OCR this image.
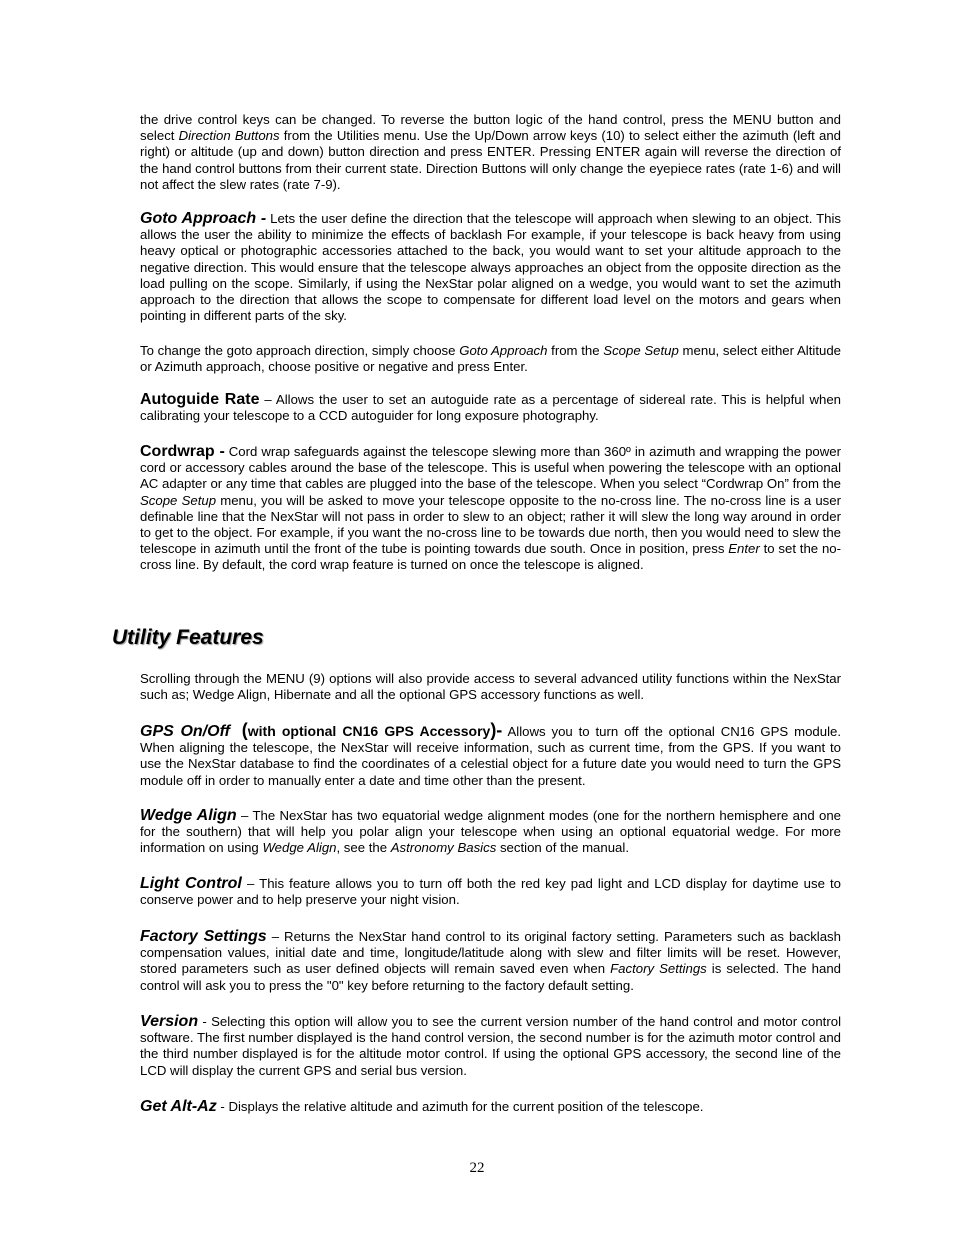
the drive control keys can be changed. To reverse the button logic of the hand control, press the MENU button and select Direction Buttons from the Utilities menu. Use the Up/Down arrow keys (10) to select either the azimuth (left and right) or altitude (up and down) button direction and press ENTER. Pressing ENTER again will reverse the direction of the hand control buttons from their current state. Direction Buttons will only change the eyepiece rates (rate 1-6) and will not affect the slew rates (rate 7-9).

Goto Approach - Lets the user define the direction that the telescope will approach when slewing to an object. This allows the user the ability to minimize the effects of backlash For example, if your telescope is back heavy from using heavy optical or photographic accessories attached to the back, you would want to set your altitude approach to the negative direction. This would ensure that the telescope always approaches an object from the opposite direction as the load pulling on the scope. Similarly, if using the NexStar polar aligned on a wedge, you would want to set the azimuth approach to the direction that allows the scope to compensate for different load level on the motors and gears when pointing in different parts of the sky.

To change the goto approach direction, simply choose Goto Approach from the Scope Setup menu, select either Altitude or Azimuth approach, choose positive or negative and press Enter.

Autoguide Rate – Allows the user to set an autoguide rate as a percentage of sidereal rate. This is helpful when calibrating your telescope to a CCD autoguider for long exposure photography.

Cordwrap - Cord wrap safeguards against the telescope slewing more than 360º in azimuth and wrapping the power cord or accessory cables around the base of the telescope. This is useful when powering the telescope with an optional AC adapter or any time that cables are plugged into the base of the telescope. When you select “Cordwrap On” from the Scope Setup menu, you will be asked to move your telescope opposite to the no-cross line. The no-cross line is a user definable line that the NexStar will not pass in order to slew to an object; rather it will slew the long way around in order to get to the object. For example, if you want the no-cross line to be towards due north, then you would need to slew the telescope in azimuth until the front of the tube is pointing towards due south. Once in position, press Enter to set the no-cross line. By default, the cord wrap feature is turned on once the telescope is aligned.

Utility Features

Scrolling through the MENU (9) options will also provide access to several advanced utility functions within the NexStar such as; Wedge Align, Hibernate and all the optional GPS accessory functions as well.

GPS On/Off (with optional CN16 GPS Accessory)- Allows you to turn off the optional CN16 GPS module. When aligning the telescope, the NexStar will receive information, such as current time, from the GPS. If you want to use the NexStar database to find the coordinates of a celestial object for a future date you would need to turn the GPS module off in order to manually enter a date and time other than the present.

Wedge Align – The NexStar has two equatorial wedge alignment modes (one for the northern hemisphere and one for the southern) that will help you polar align your telescope when using an optional equatorial wedge. For more information on using Wedge Align, see the Astronomy Basics section of the manual.

Light Control – This feature allows you to turn off both the red key pad light and LCD display for daytime use to conserve power and to help preserve your night vision.

Factory Settings – Returns the NexStar hand control to its original factory setting. Parameters such as backlash compensation values, initial date and time, longitude/latitude along with slew and filter limits will be reset. However, stored parameters such as user defined objects will remain saved even when Factory Settings is selected. The hand control will ask you to press the "0" key before returning to the factory default setting.

Version - Selecting this option will allow you to see the current version number of the hand control and motor control software. The first number displayed is the hand control version, the second number is for the azimuth motor control and the third number displayed is for the altitude motor control. If using the optional GPS accessory, the second line of the LCD will display the current GPS and serial bus version.

Get Alt-Az - Displays the relative altitude and azimuth for the current position of the telescope.

22
